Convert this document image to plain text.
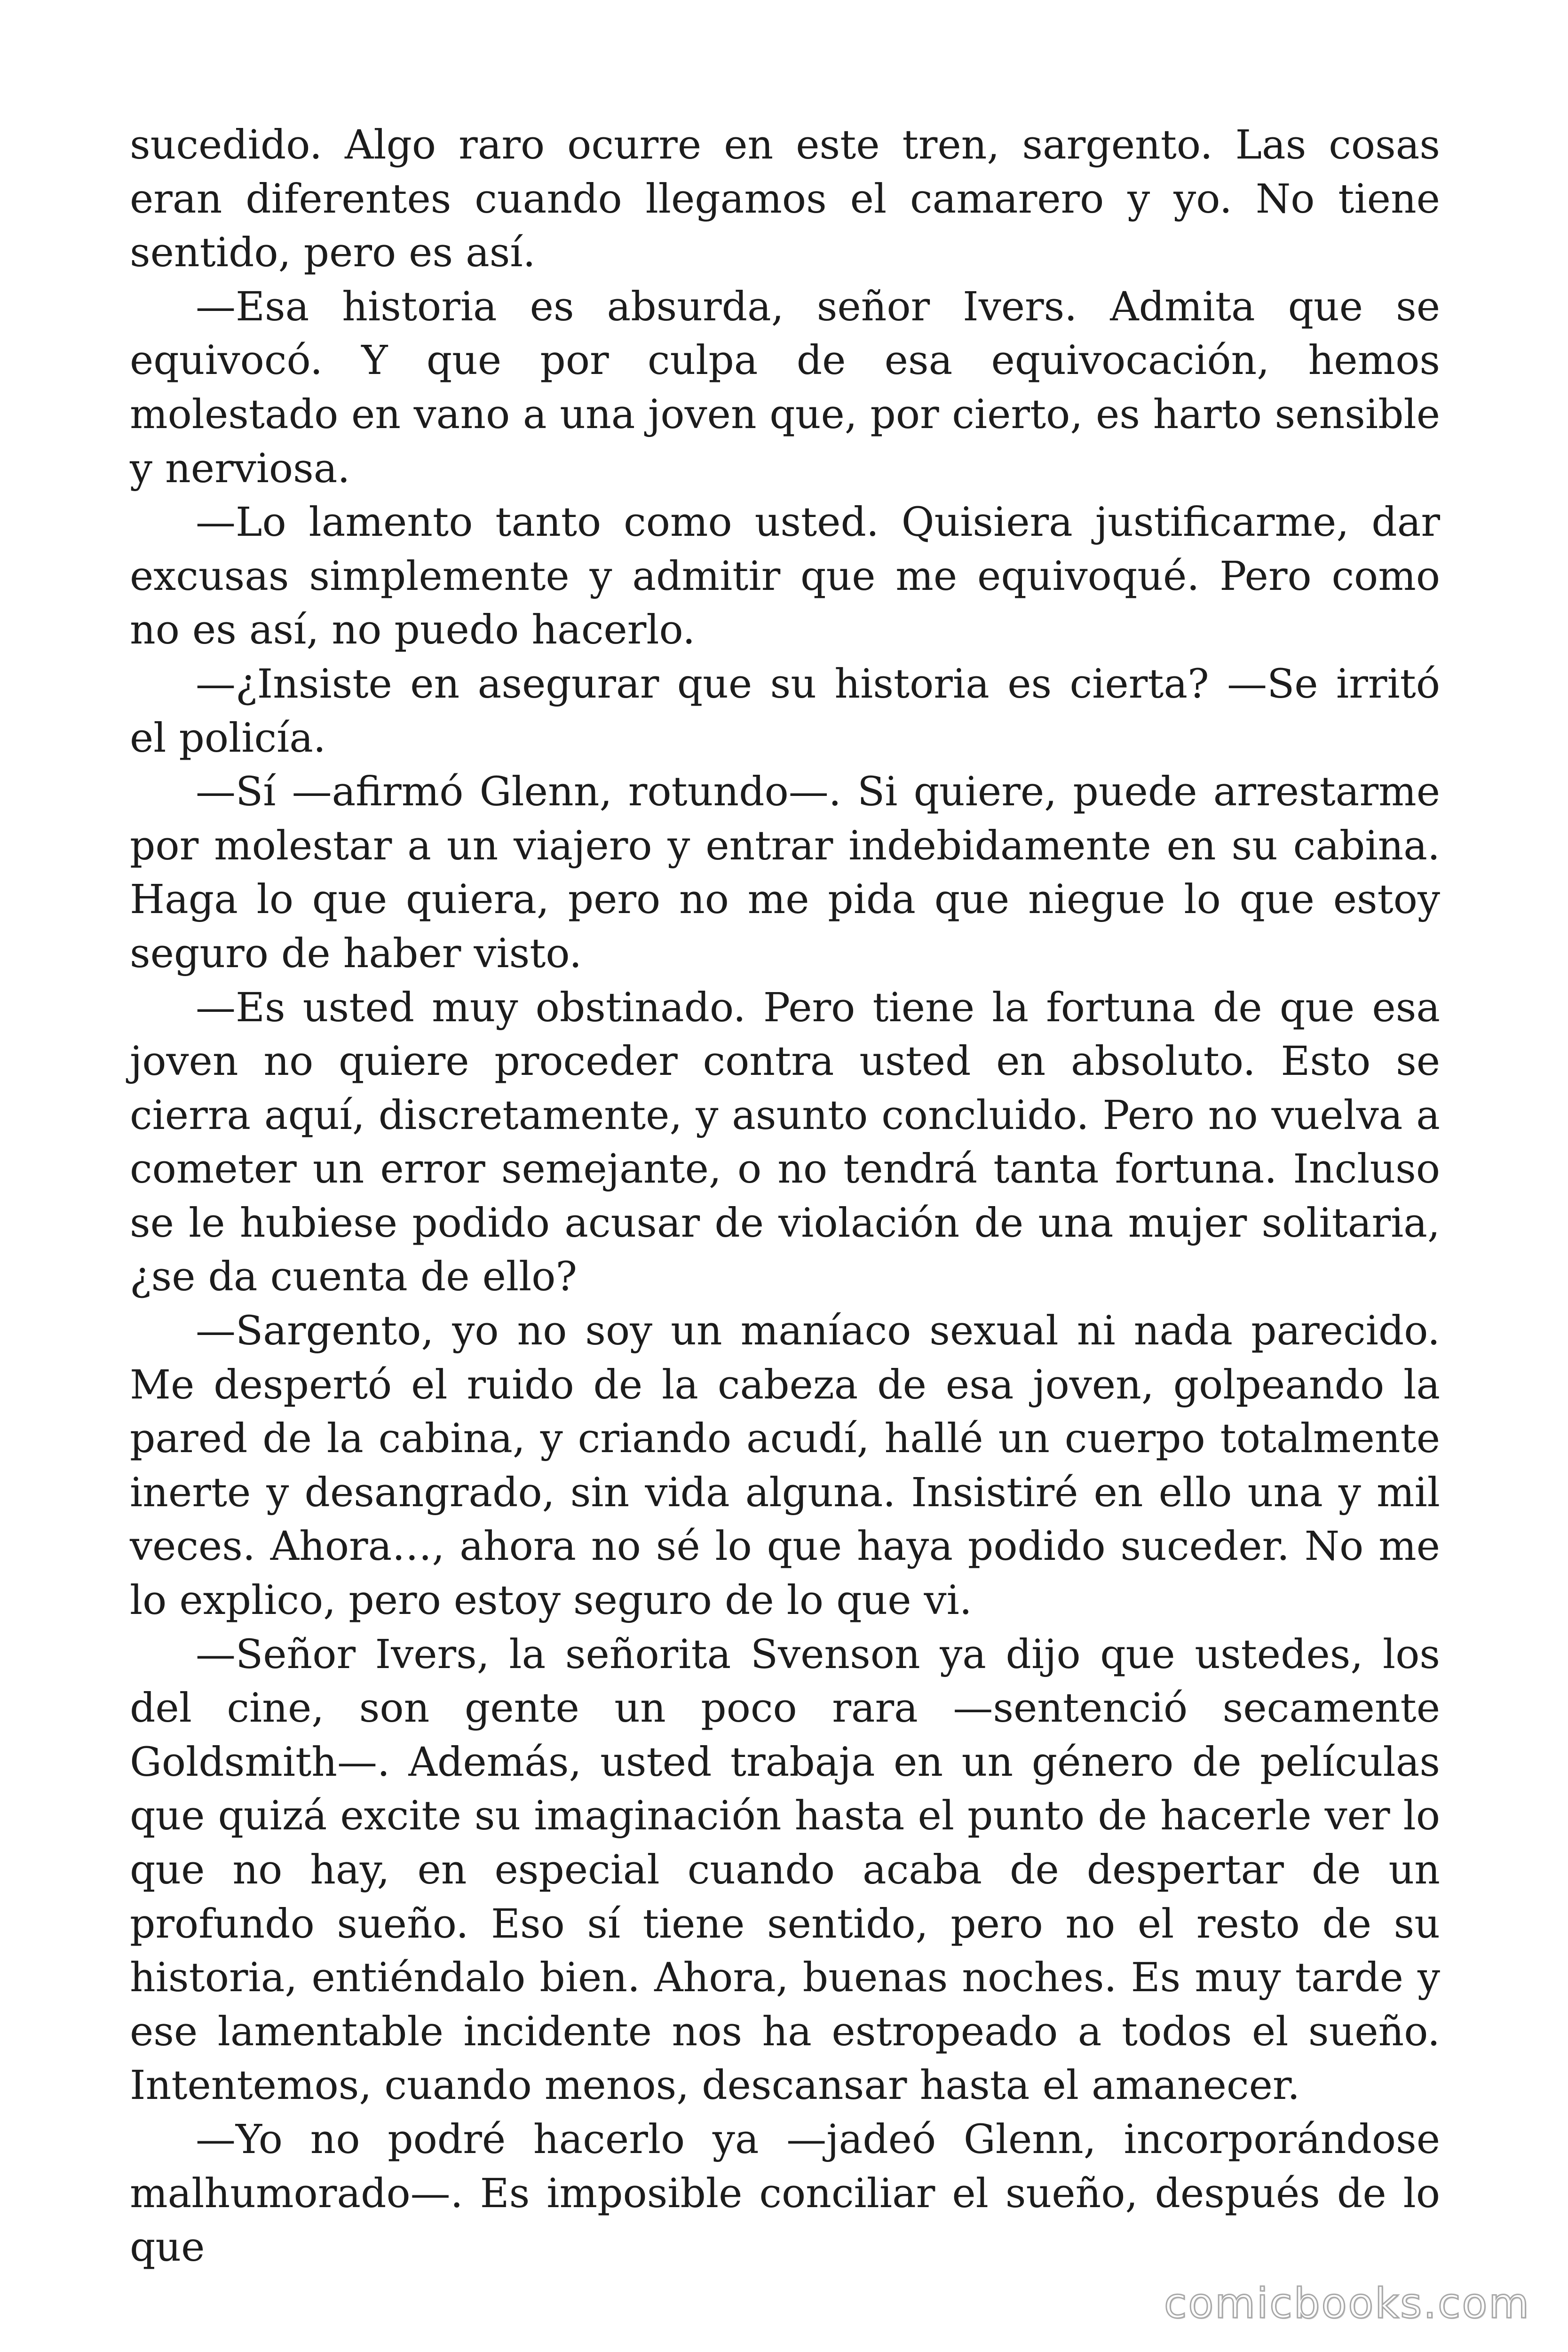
sucedido. Algo raro ocurre en este tren, sargento. Las cosas eran diferentes cuando llegamos el camarero y yo. No tiene sentido, pero es así.

—Esa historia es absurda, señor Ivers. Admita que se equivocó. Y que por culpa de esa equivocación, hemos molestado en vano a una joven que, por cierto, es harto sensible y nerviosa.

—Lo lamento tanto como usted. Quisiera justificarme, dar excusas simplemente y admitir que me equivoqué. Pero como no es así, no puedo hacerlo.

—¿Insiste en asegurar que su historia es cierta? —Se irritó el policía.

—Sí —afirmó Glenn, rotundo—. Si quiere, puede arrestarme por molestar a un viajero y entrar indebidamente en su cabina. Haga lo que quiera, pero no me pida que niegue lo que estoy seguro de haber visto.

—Es usted muy obstinado. Pero tiene la fortuna de que esa joven no quiere proceder contra usted en absoluto. Esto se cierra aquí, discretamente, y asunto concluido. Pero no vuelva a cometer un error semejante, o no tendrá tanta fortuna. Incluso se le hubiese podido acusar de violación de una mujer solitaria, ¿se da cuenta de ello?

—Sargento, yo no soy un maníaco sexual ni nada parecido. Me despertó el ruido de la cabeza de esa joven, golpeando la pared de la cabina, y criando acudí, hallé un cuerpo totalmente inerte y desangrado, sin vida alguna. Insistiré en ello una y mil veces. Ahora…, ahora no sé lo que haya podido suceder. No me lo explico, pero estoy seguro de lo que vi.

—Señor Ivers, la señorita Svenson ya dijo que ustedes, los del cine, son gente un poco rara —sentenció secamente Goldsmith—. Además, usted trabaja en un género de películas que quizá excite su imaginación hasta el punto de hacerle ver lo que no hay, en especial cuando acaba de despertar de un profundo sueño. Eso sí tiene sentido, pero no el resto de su historia, entiéndalo bien. Ahora, buenas noches. Es muy tarde y ese lamentable incidente nos ha estropeado a todos el sueño. Intentemos, cuando menos, descansar hasta el amanecer.

—Yo no podré hacerlo ya —jadeó Glenn, incorporándose malhumorado—. Es imposible conciliar el sueño, después de lo que

comicbooks.com
